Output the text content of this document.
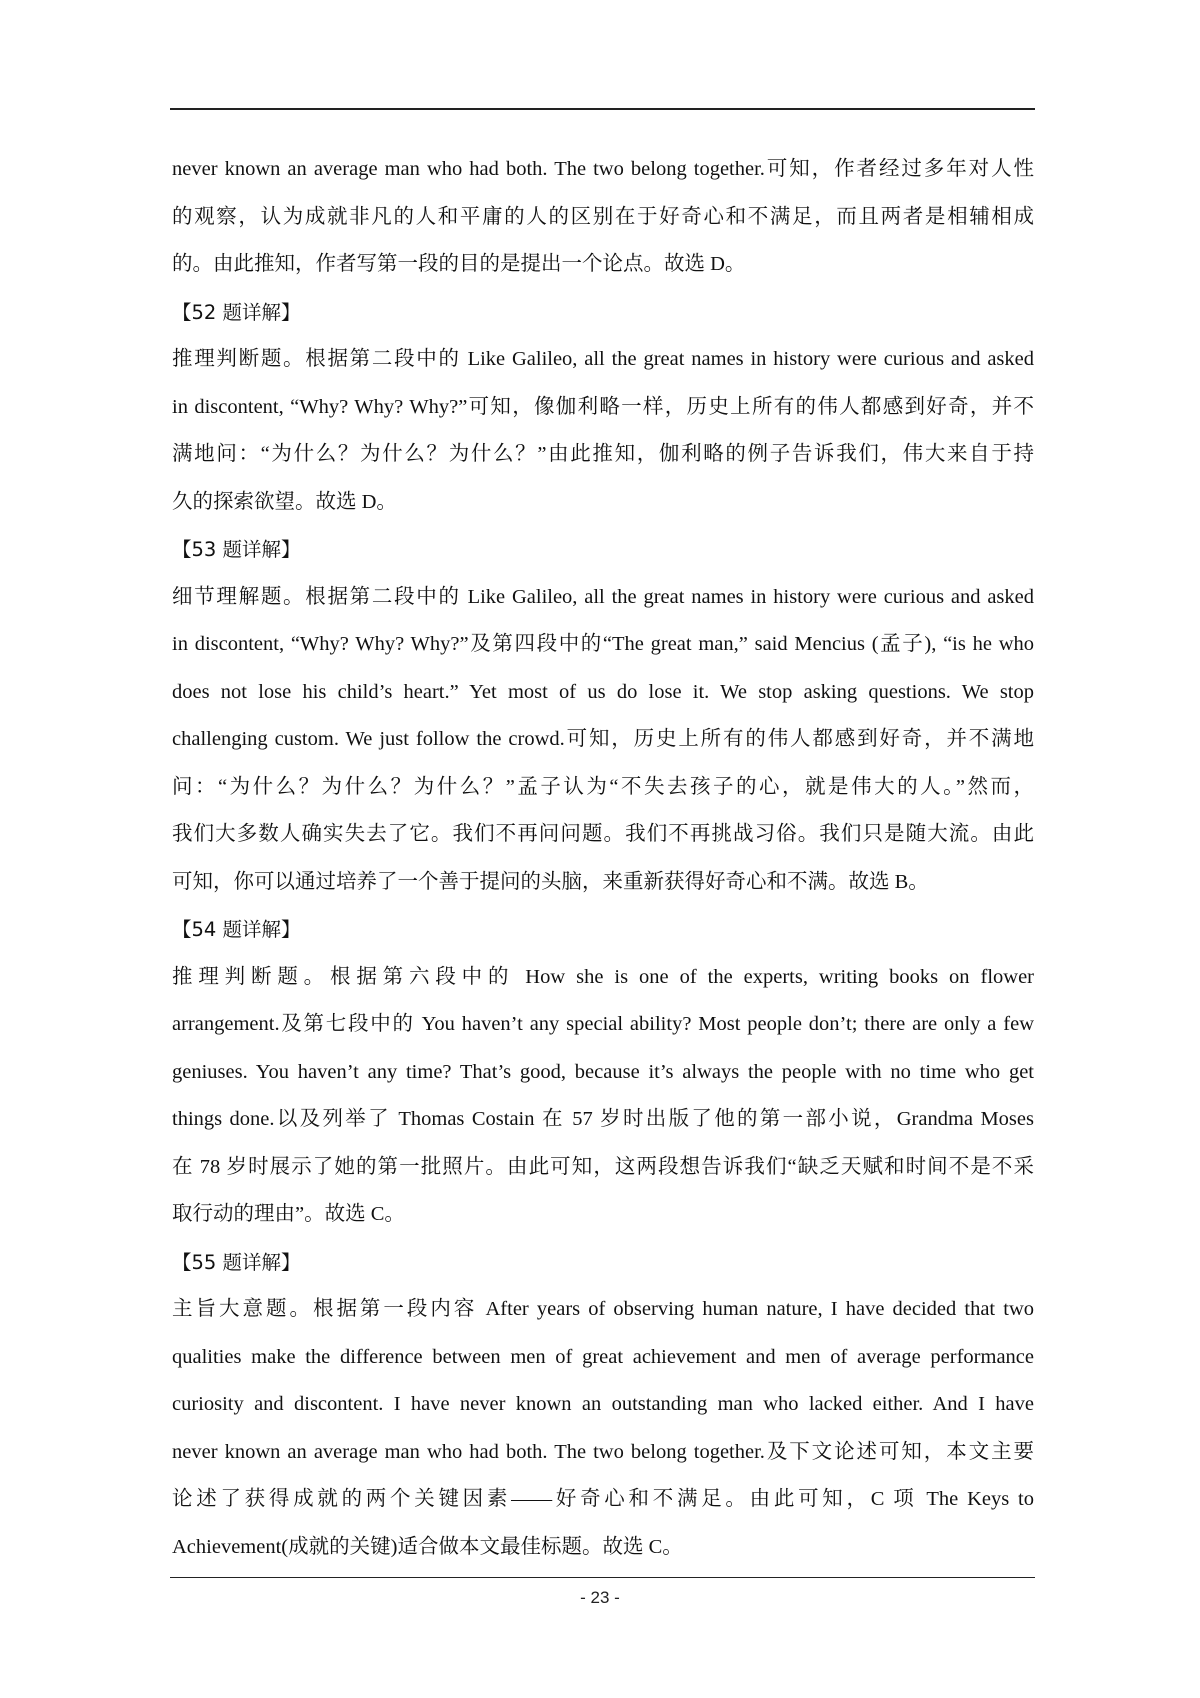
never known an average man who had both. The two belong together.可知，作者经过多年对人性
的观察，认为成就非凡的人和平庸的人的区别在于好奇心和不满足，而且两者是相辅相成
的。由此推知，作者写第一段的目的是提出一个论点。故选 D。
【52 题详解】
推理判断题。根据第二段中的 Like Galileo, all the great names in history were curious and asked
in discontent, “Why? Why? Why?”可知，像伽利略一样，历史上所有的伟人都感到好奇，并不
满地问：“为什么？为什么？为什么？”由此推知，伽利略的例子告诉我们，伟大来自于持
久的探索欲望。故选 D。
【53 题详解】
细节理解题。根据第二段中的 Like Galileo, all the great names in history were curious and asked
in discontent, “Why? Why? Why?”及第四段中的“The great man,” said Mencius (孟子), “is he who
does not lose his child’s heart.” Yet most of us do lose it. We stop asking questions. We stop
challenging custom. We just follow the crowd.可知，历史上所有的伟人都感到好奇，并不满地
问：“为什么？为什么？为什么？”孟子认为“不失去孩子的心，就是伟大的人。”然而，
我们大多数人确实失去了它。我们不再问问题。我们不再挑战习俗。我们只是随大流。由此
可知，你可以通过培养了一个善于提问的头脑，来重新获得好奇心和不满。故选 B。
【54 题详解】
推理判断题。根据第六段中的 How she is one of the experts, writing books on flower
arrangement.及第七段中的 You haven’t any special ability? Most people don’t; there are only a few
geniuses. You haven’t any time? That’s good, because it’s always the people with no time who get
things done.以及列举了 Thomas Costain 在 57 岁时出版了他的第一部小说，Grandma Moses
在 78 岁时展示了她的第一批照片。由此可知，这两段想告诉我们“缺乏天赋和时间不是不采
取行动的理由”。故选 C。
【55 题详解】
主旨大意题。根据第一段内容 After years of observing human nature, I have decided that two
qualities make the difference between men of great achievement and men of average performance
curiosity and discontent. I have never known an outstanding man who lacked either. And I have
never known an average man who had both. The two belong together.及下文论述可知，本文主要
论述了获得成就的两个关键因素——好奇心和不满足。由此可知，C 项 The Keys to
Achievement(成就的关键)适合做本文最佳标题。故选 C。
- 23 -
